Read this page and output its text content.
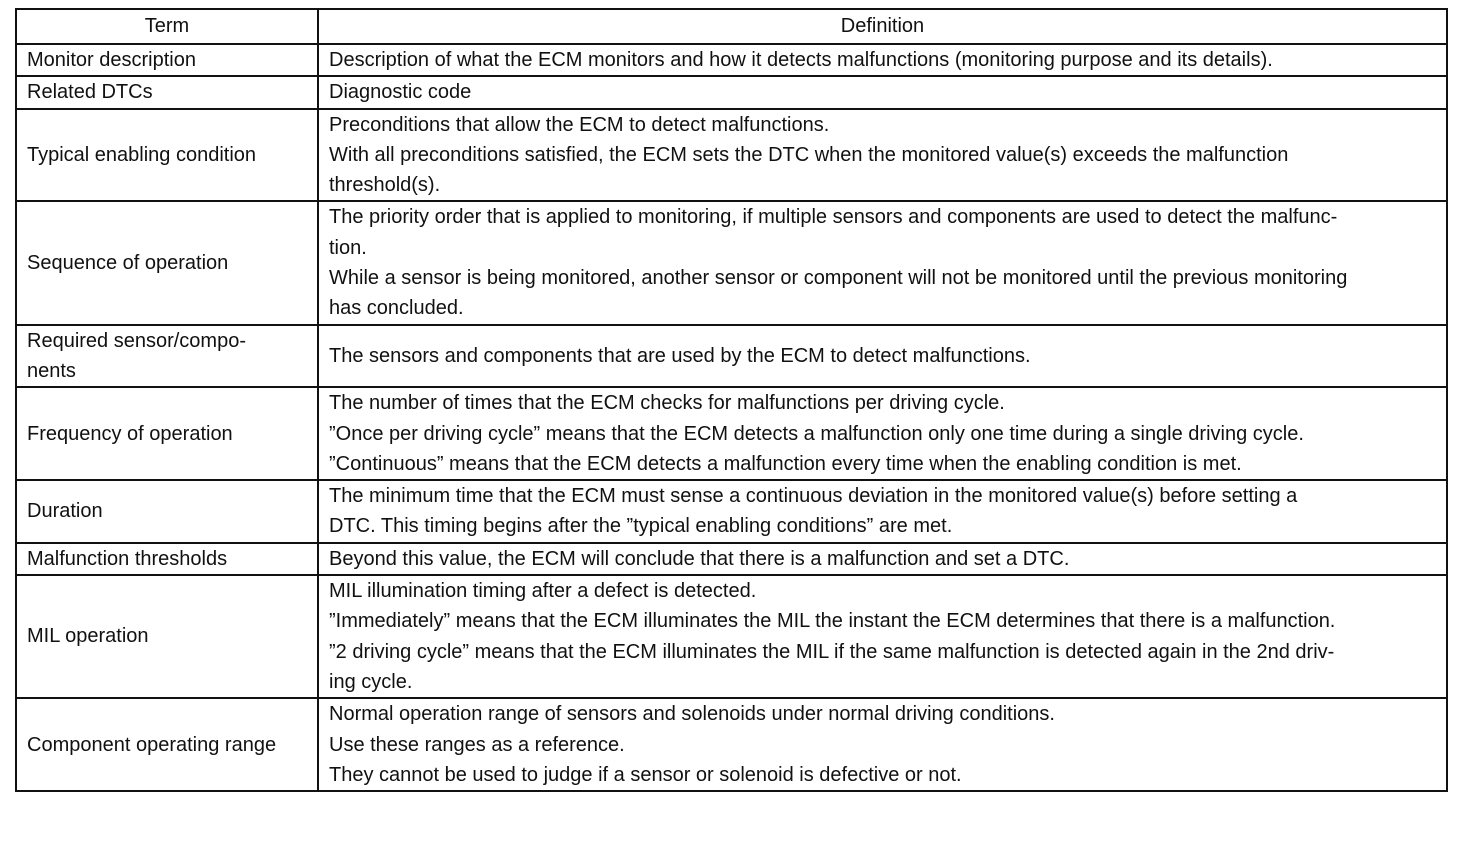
Term	Definition

Monitor description	Description of what the ECM monitors and how it detects malfunctions (monitoring purpose and its details).

Related DTCs	Diagnostic code

Typical enabling condition	Preconditions that allow the ECM to detect malfunctions.
With all preconditions satisfied, the ECM sets the DTC when the monitored value(s) exceeds the malfunction
threshold(s).

Sequence of operation	The priority order that is applied to monitoring, if multiple sensors and components are used to detect the malfunc-
tion.
While a sensor is being monitored, another sensor or component will not be monitored until the previous monitoring
has concluded.

Required sensor/compo-
nents	The sensors and components that are used by the ECM to detect malfunctions.

Frequency of operation	The number of times that the ECM checks for malfunctions per driving cycle.
”Once per driving cycle” means that the ECM detects a malfunction only one time during a single driving cycle.
”Continuous” means that the ECM detects a malfunction every time when the enabling condition is met.

Duration	The minimum time that the ECM must sense a continuous deviation in the monitored value(s) before setting a
DTC. This timing begins after the ”typical enabling conditions” are met.

Malfunction thresholds	Beyond this value, the ECM will conclude that there is a malfunction and set a DTC.

MIL operation	MIL illumination timing after a defect is detected.
”Immediately” means that the ECM illuminates the MIL the instant the ECM determines that there is a malfunction.
”2 driving cycle” means that the ECM illuminates the MIL if the same malfunction is detected again in the 2nd driv-
ing cycle.

Component operating range	Normal operation range of sensors and solenoids under normal driving conditions.
Use these ranges as a reference.
They cannot be used to judge if a sensor or solenoid is defective or not.
